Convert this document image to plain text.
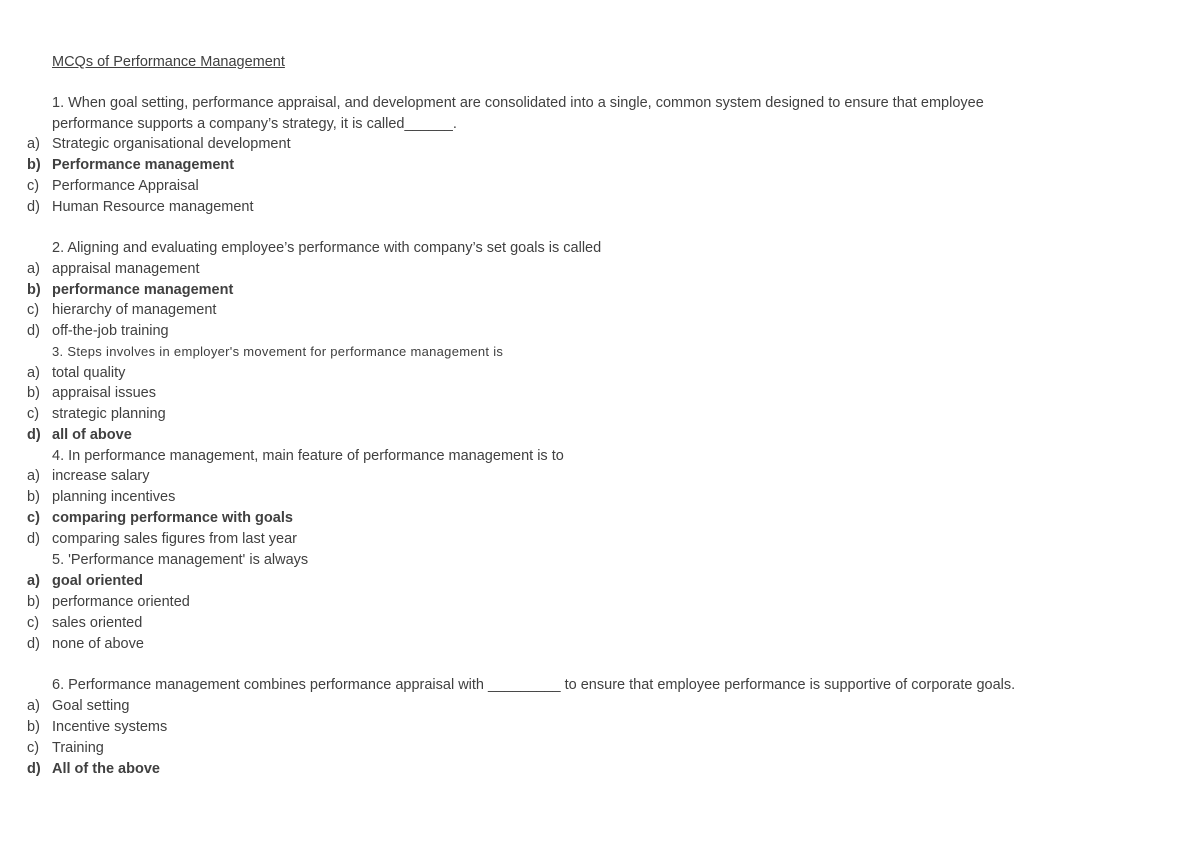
MCQs of Performance Management
1. When goal setting, performance appraisal, and development are consolidated into a single, common system designed to ensure that employee
performance supports a company’s strategy, it is called______.
a) Strategic organisational development
b) Performance management
c) Performance Appraisal
d) Human Resource management
2. Aligning and evaluating employee’s performance with company’s set goals is called
a) appraisal management
b) performance management
c) hierarchy of management
d) off-the-job training
3. Steps involves in employer's movement for performance management is
a) total quality
b) appraisal issues
c) strategic planning
d) all of above
4. In performance management, main feature of performance management is to
a) increase salary
b) planning incentives
c) comparing performance with goals
d) comparing sales figures from last year
5. 'Performance management' is always
a) goal oriented
b) performance oriented
c) sales oriented
d) none of above
6. Performance management combines performance appraisal with _________ to ensure that employee performance is supportive of corporate goals.
a) Goal setting
b) Incentive systems
c) Training
d) All of the above
